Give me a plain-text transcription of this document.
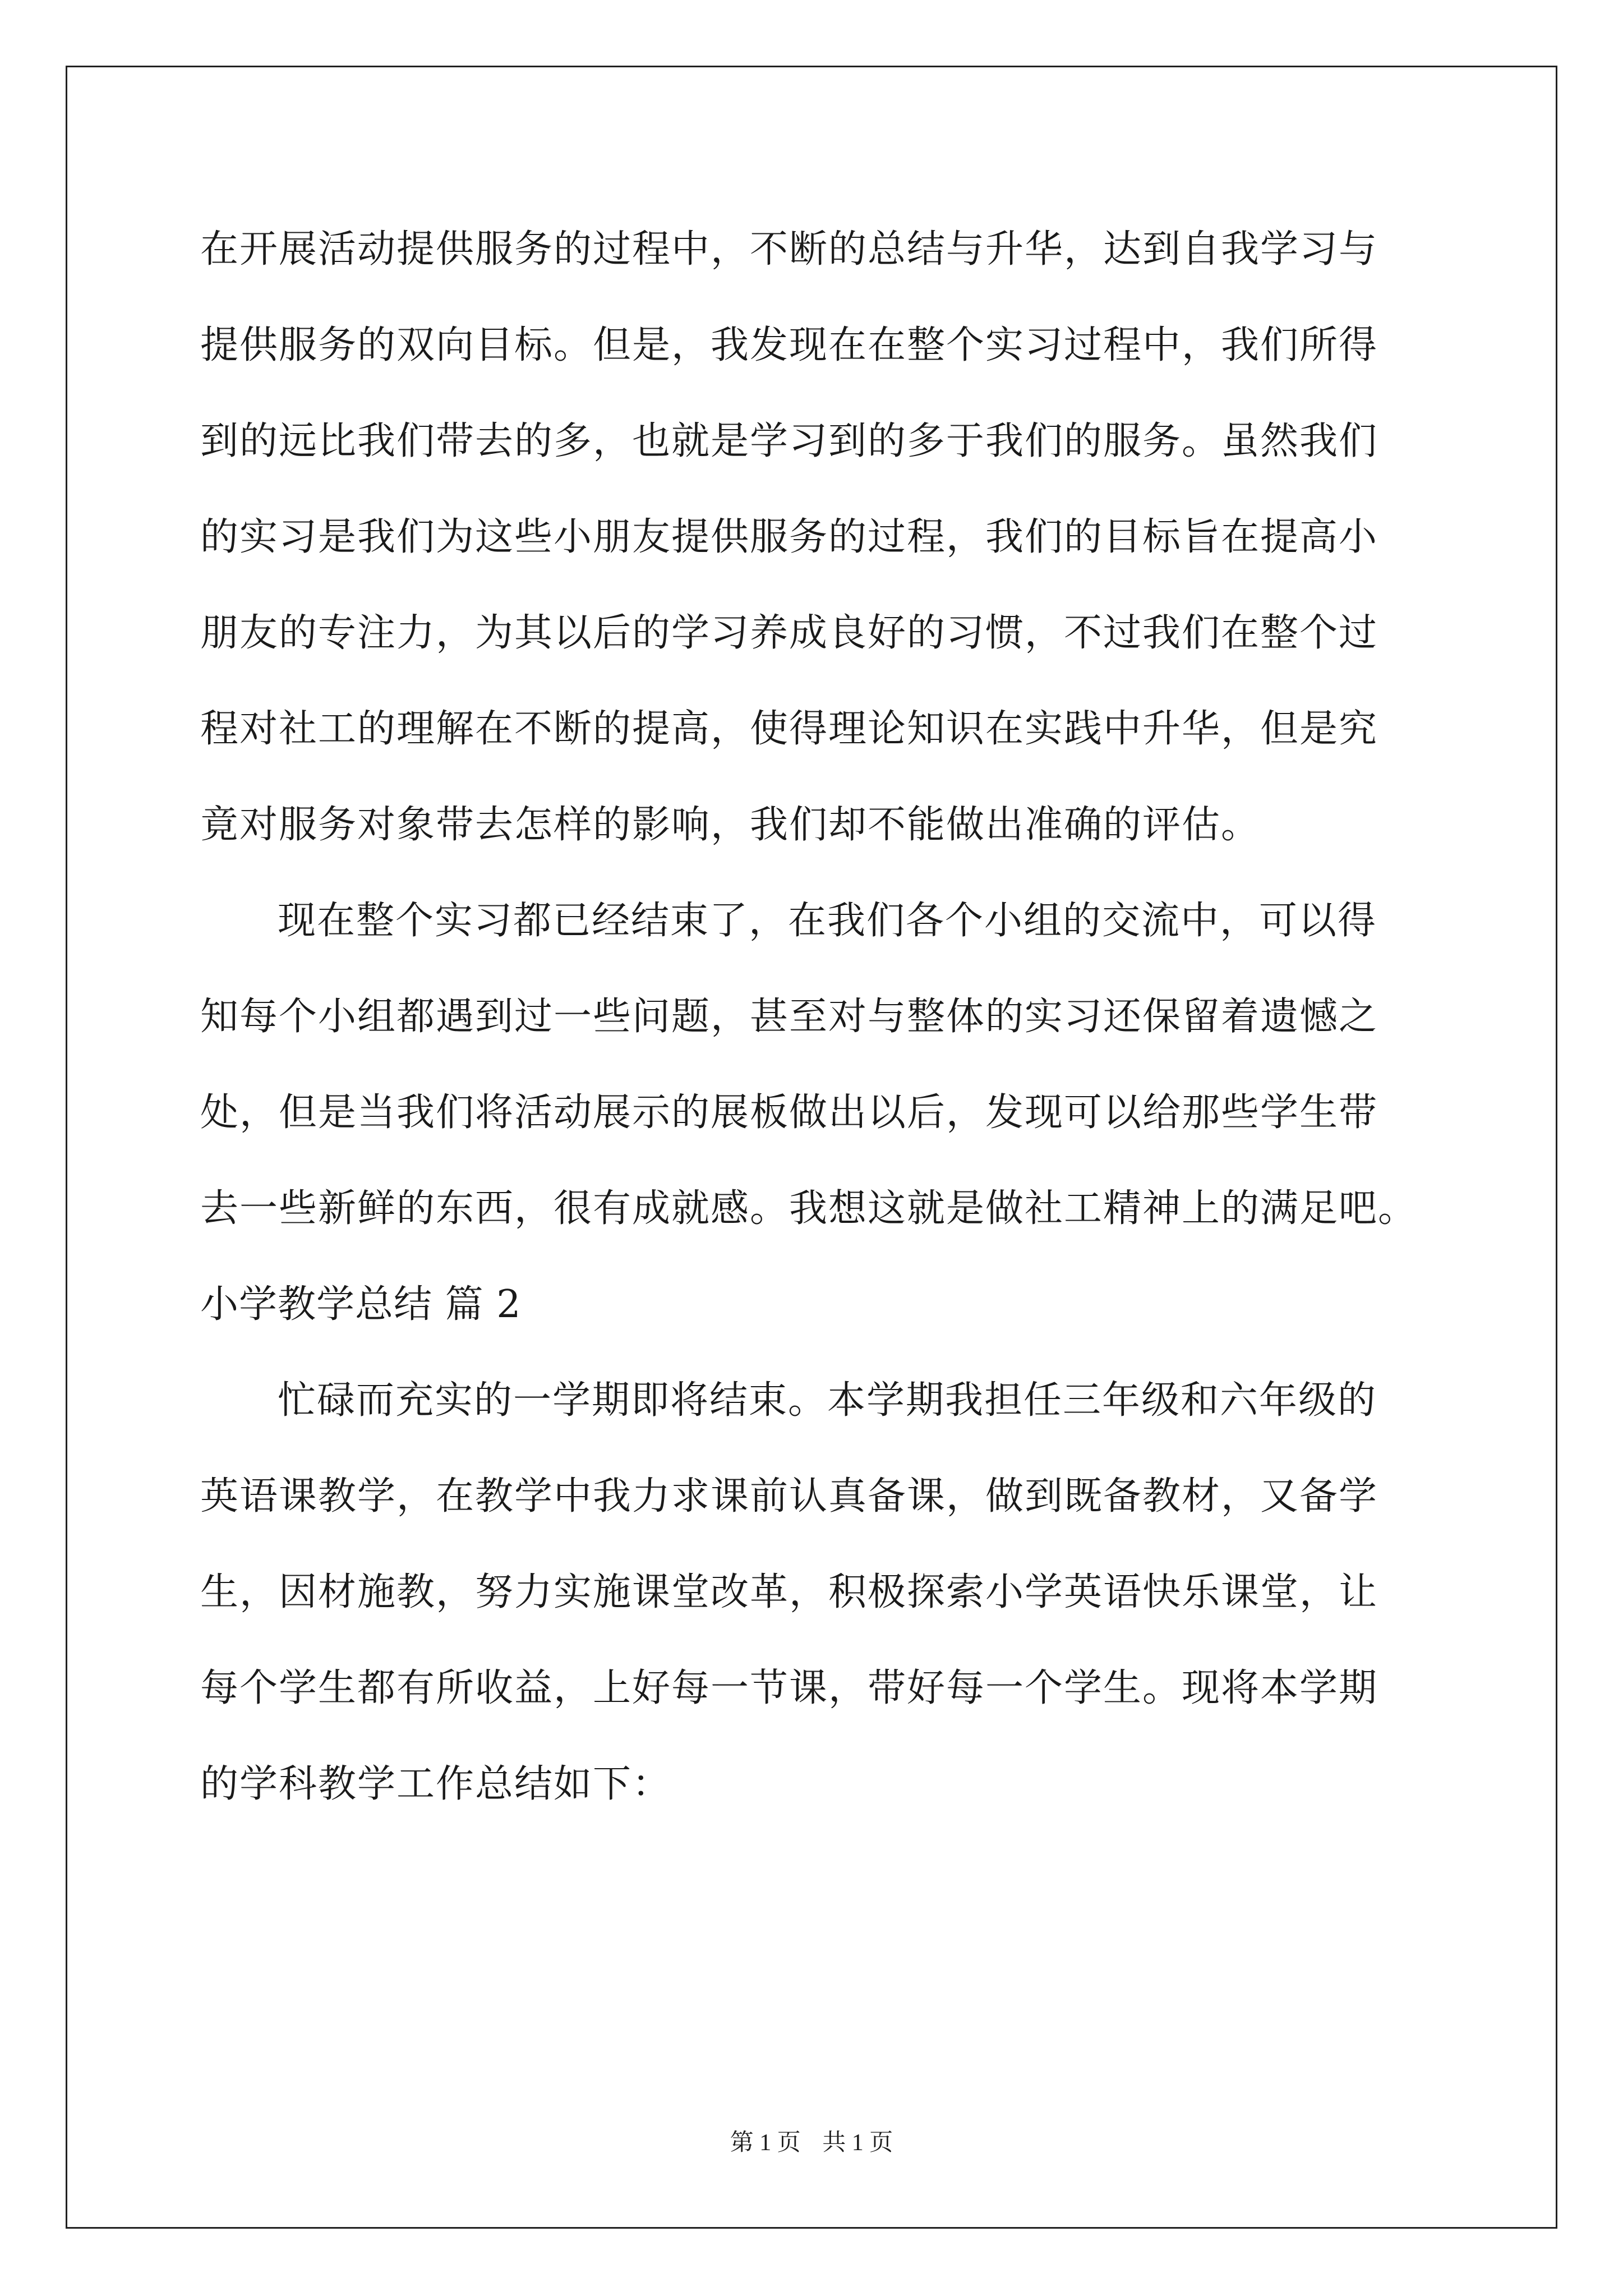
在开展活动提供服务的过程中，不断的总结与升华，达到自我学习与
提供服务的双向目标。但是，我发现在在整个实习过程中，我们所得
到的远比我们带去的多，也就是学习到的多于我们的服务。虽然我们
的实习是我们为这些小朋友提供服务的过程，我们的目标旨在提高小
朋友的专注力，为其以后的学习养成良好的习惯，不过我们在整个过
程对社工的理解在不断的提高，使得理论知识在实践中升华，但是究
竟对服务对象带去怎样的影响，我们却不能做出准确的评估。
现在整个实习都已经结束了，在我们各个小组的交流中，可以得
知每个小组都遇到过一些问题，甚至对与整体的实习还保留着遗憾之
处，但是当我们将活动展示的展板做出以后，发现可以给那些学生带
去一些新鲜的东西，很有成就感。我想这就是做社工精神上的满足吧。
小学教学总结 篇 2
忙碌而充实的一学期即将结束。本学期我担任三年级和六年级的
英语课教学，在教学中我力求课前认真备课，做到既备教材，又备学
生，因材施教，努力实施课堂改革，积极探索小学英语快乐课堂，让
每个学生都有所收益，上好每一节课，带好每一个学生。现将本学期
的学科教学工作总结如下：
第 1 页 共 1 页
